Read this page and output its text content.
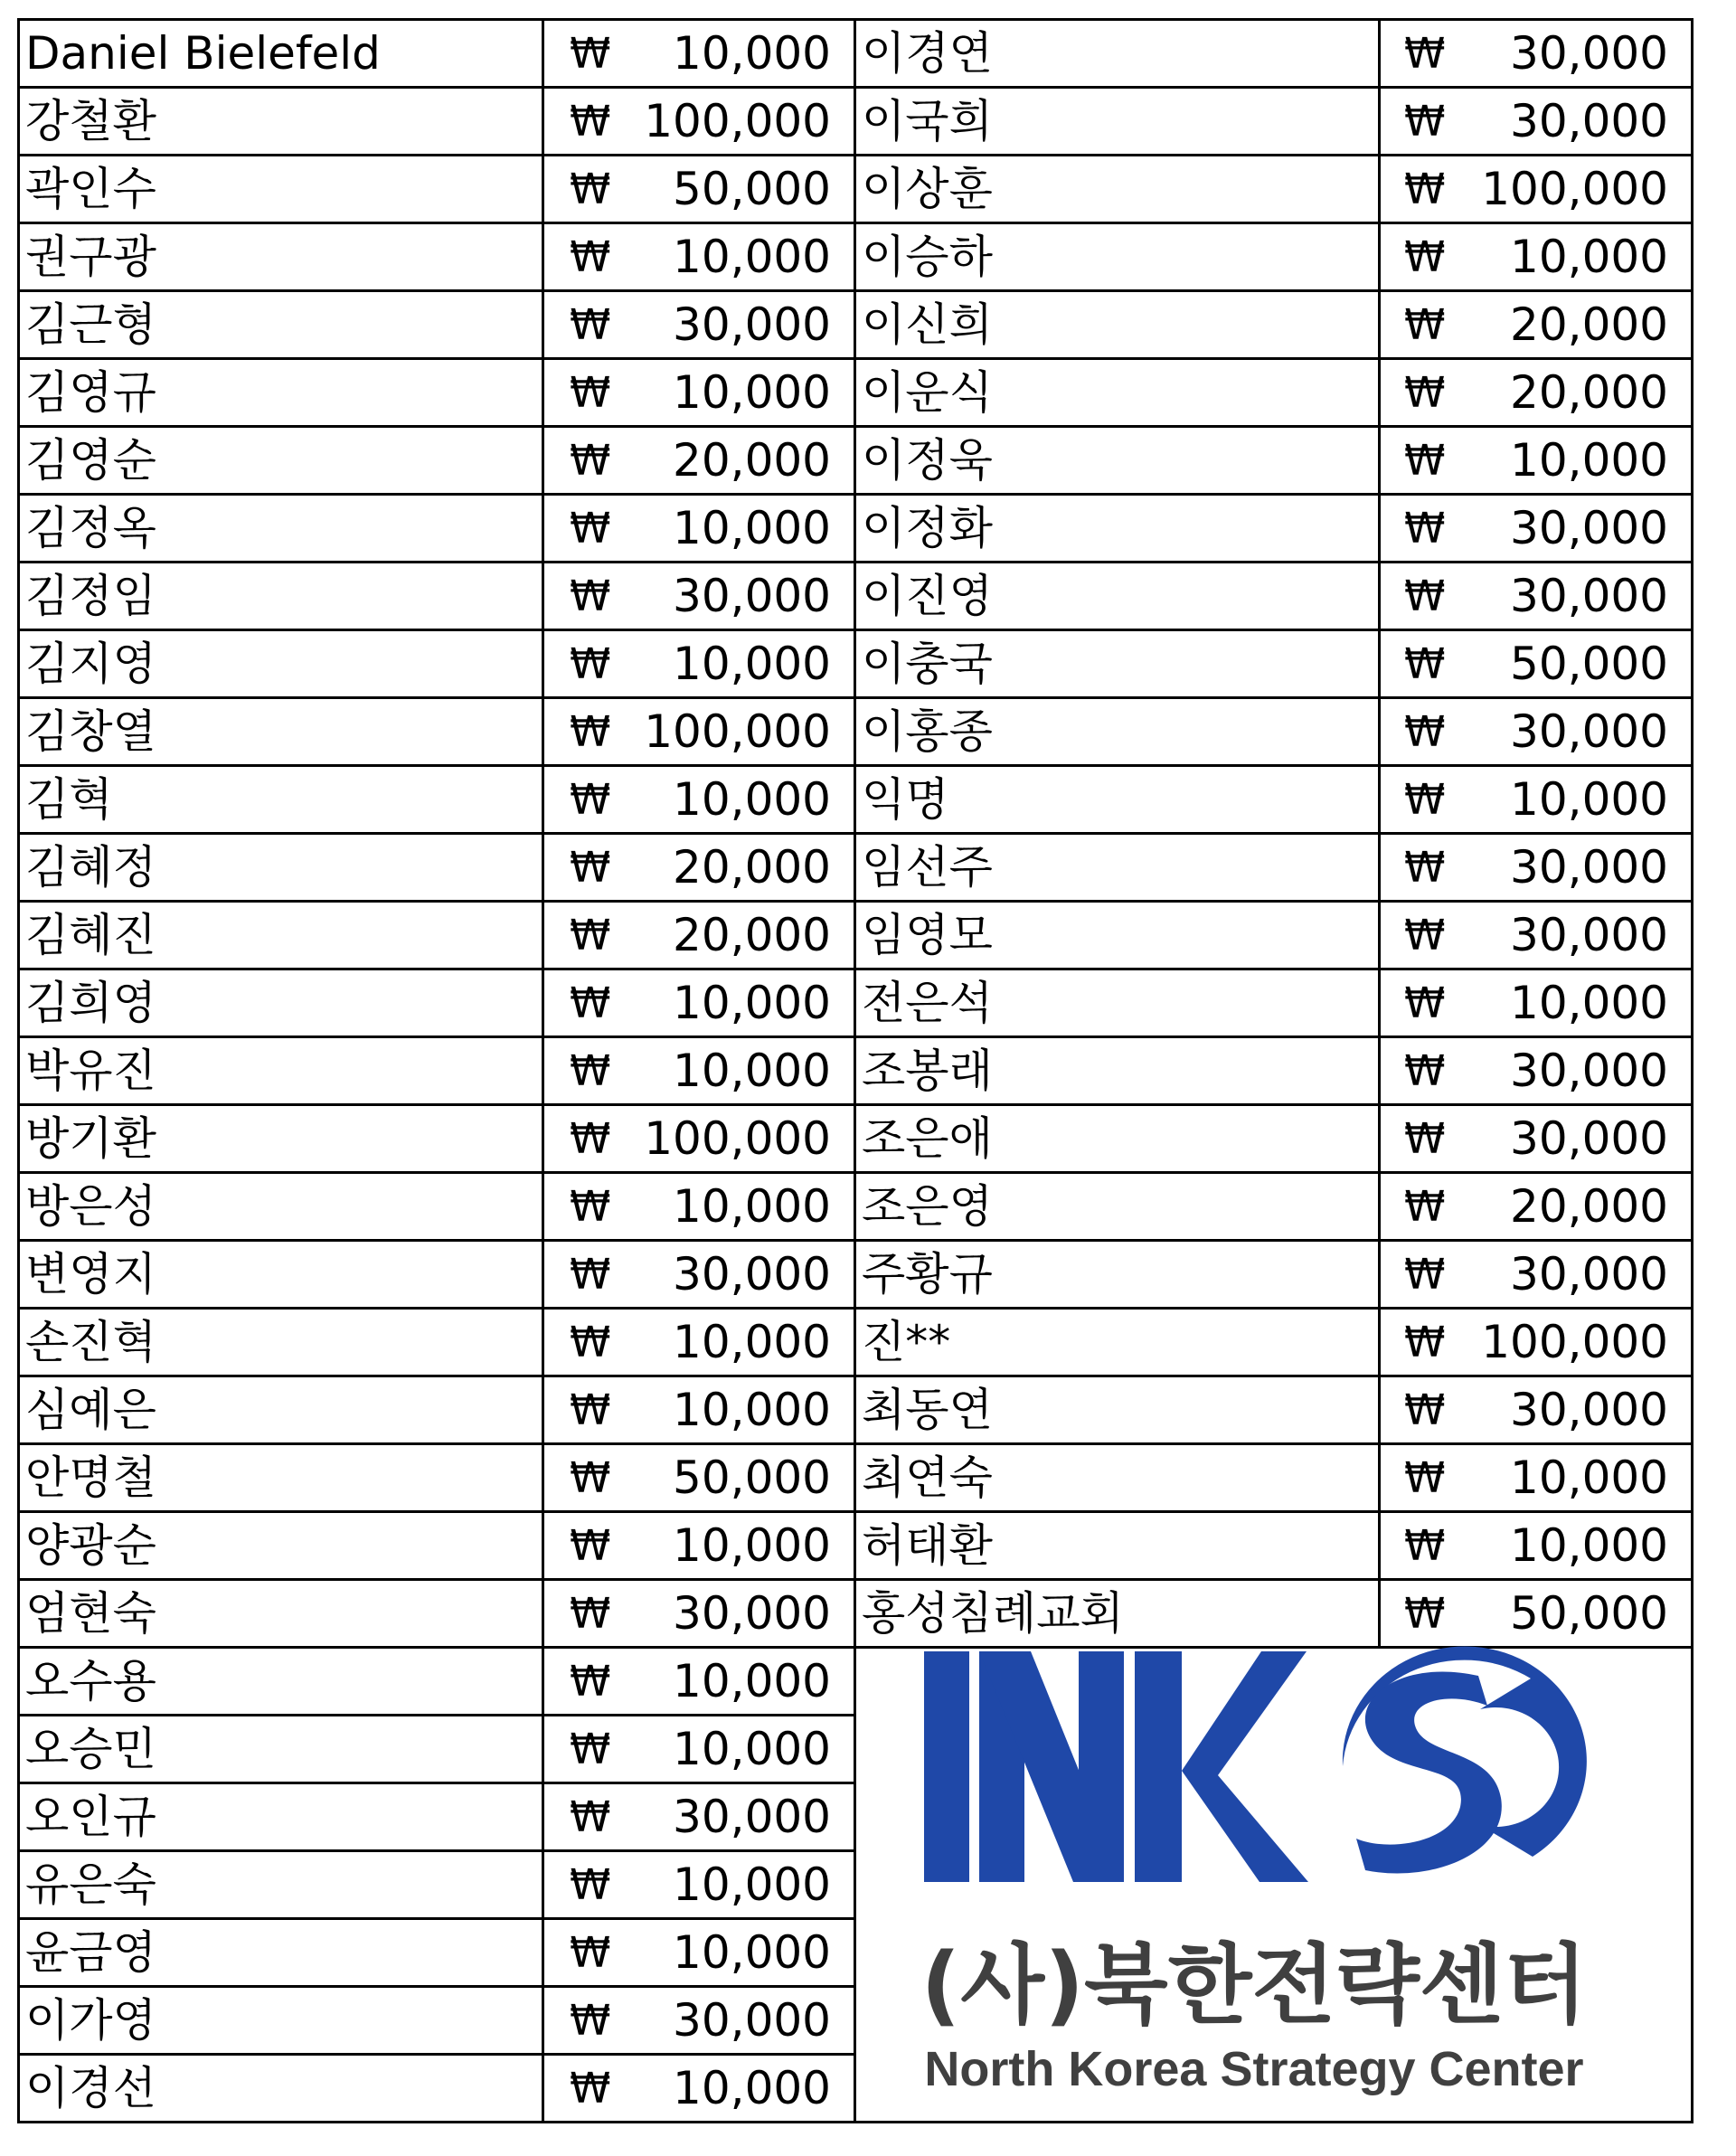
Daniel Bielefeld	₩	10,000
강철환	₩ 100,000
곽인수	₩	50,000
권구광	₩	10,000
김근형	₩	30,000
김영규	₩	10,000
김영순	₩	20,000
김정옥	₩	10,000
김정임	₩	30,000
김지영	₩	10,000
김창열	₩ 100,000
김혁	₩	10,000
김혜정	₩	20,000
김혜진	₩	20,000
김희영	₩	10,000
박유진	₩	10,000
방기환	₩ 100,000
방은성	₩	10,000
변영지	₩	30,000
손진혁	₩	10,000
심예은	₩	10,000
안명철	₩	50,000
양광순	₩	10,000
엄현숙	₩	30,000
오수용	₩	10,000
오승민	₩	10,000
오인규	₩	30,000
유은숙	₩	10,000
윤금영	₩	10,000
이가영	₩	30,000
이경선	₩	10,000
이경연	₩	30,000
이국희	₩	30,000
이상훈	₩ 100,000
이승하	₩	10,000
이신희	₩	20,000
이운식	₩	20,000
이정욱	₩	10,000
이정화	₩	30,000
이진영	₩	30,000
이충국	₩	50,000
이홍종	₩	30,000
익명	₩	10,000
임선주	₩	30,000
임영모	₩	30,000
전은석	₩	10,000
조봉래	₩	30,000
조은애	₩	30,000
조은영	₩	20,000
주황규	₩	30,000
진**	₩ 100,000
최동연	₩	30,000
최연숙	₩	10,000
허태환	₩	10,000
홍성침례교회	₩	50,000
(사)북한전략센터
North Korea Strategy Center
